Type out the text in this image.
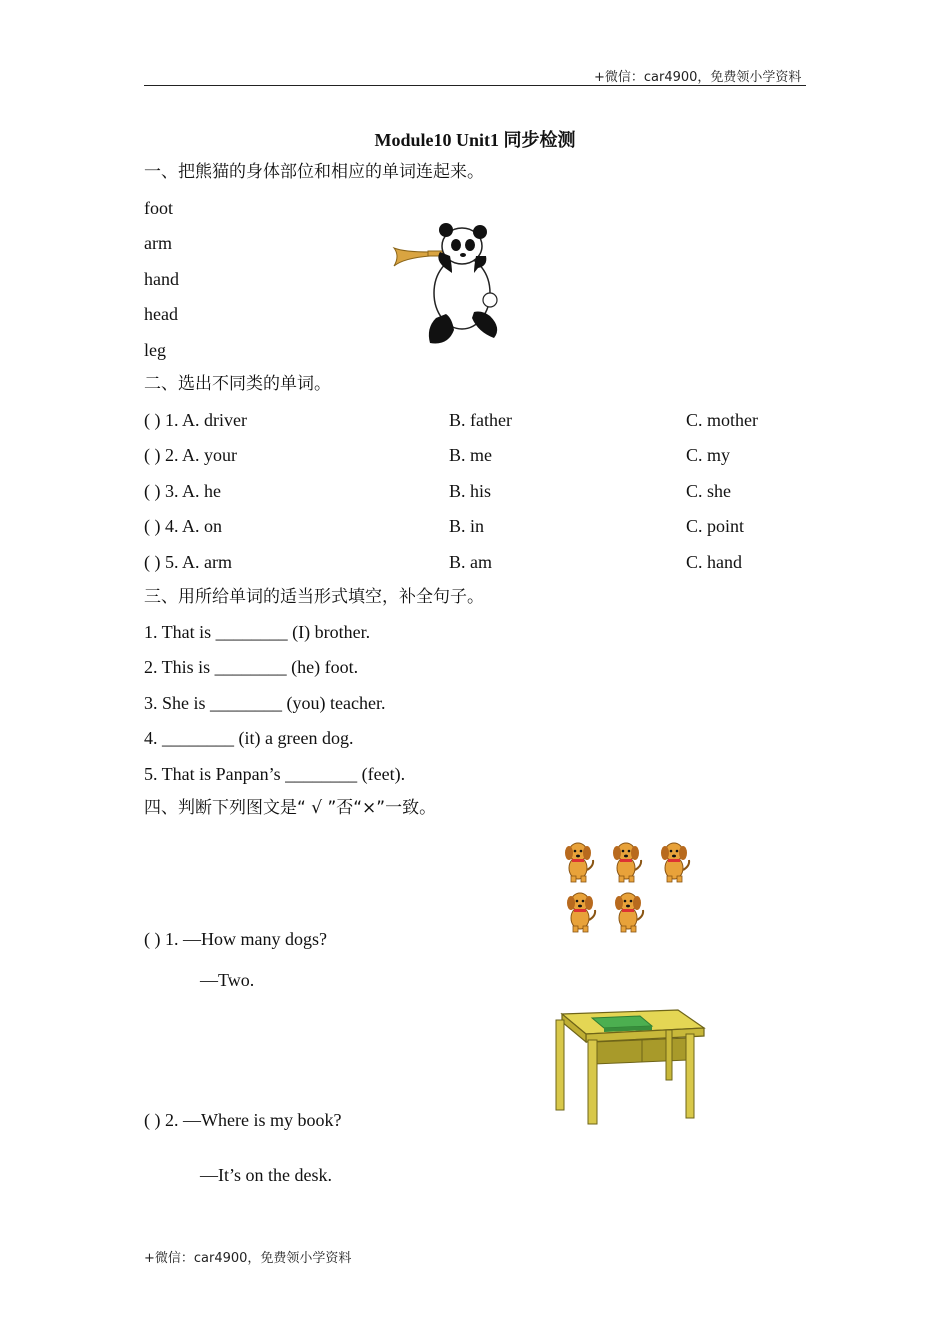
+微信：car4900，免费领小学资料
Module10 Unit1 同步检测
一、把熊猫的身体部位和相应的单词连起来。
foot
arm
hand
head
leg
二、选出不同类的单词。
( ) 1. A. driver	B. father	C. mother
( ) 2. A. your	B. me	C. my
( ) 3. A. he	B. his	C. she
( ) 4. A. on	B. in	C. point
( ) 5. A. arm	B. am	C. hand
三、用所给单词的适当形式填空，补全句子。
1. That is ________ (I) brother.
2. This is ________ (he) foot.
3. She is ________ (you) teacher.
4. ________ (it) a green dog.
5. That is Panpan’s ________ (feet).
四、判断下列图文是“ √ ”否“×”一致。
( ) 1. —How many dogs?
—Two.
( ) 2. —Where is my book?
—It’s on the desk.
+微信：car4900，免费领小学资料
